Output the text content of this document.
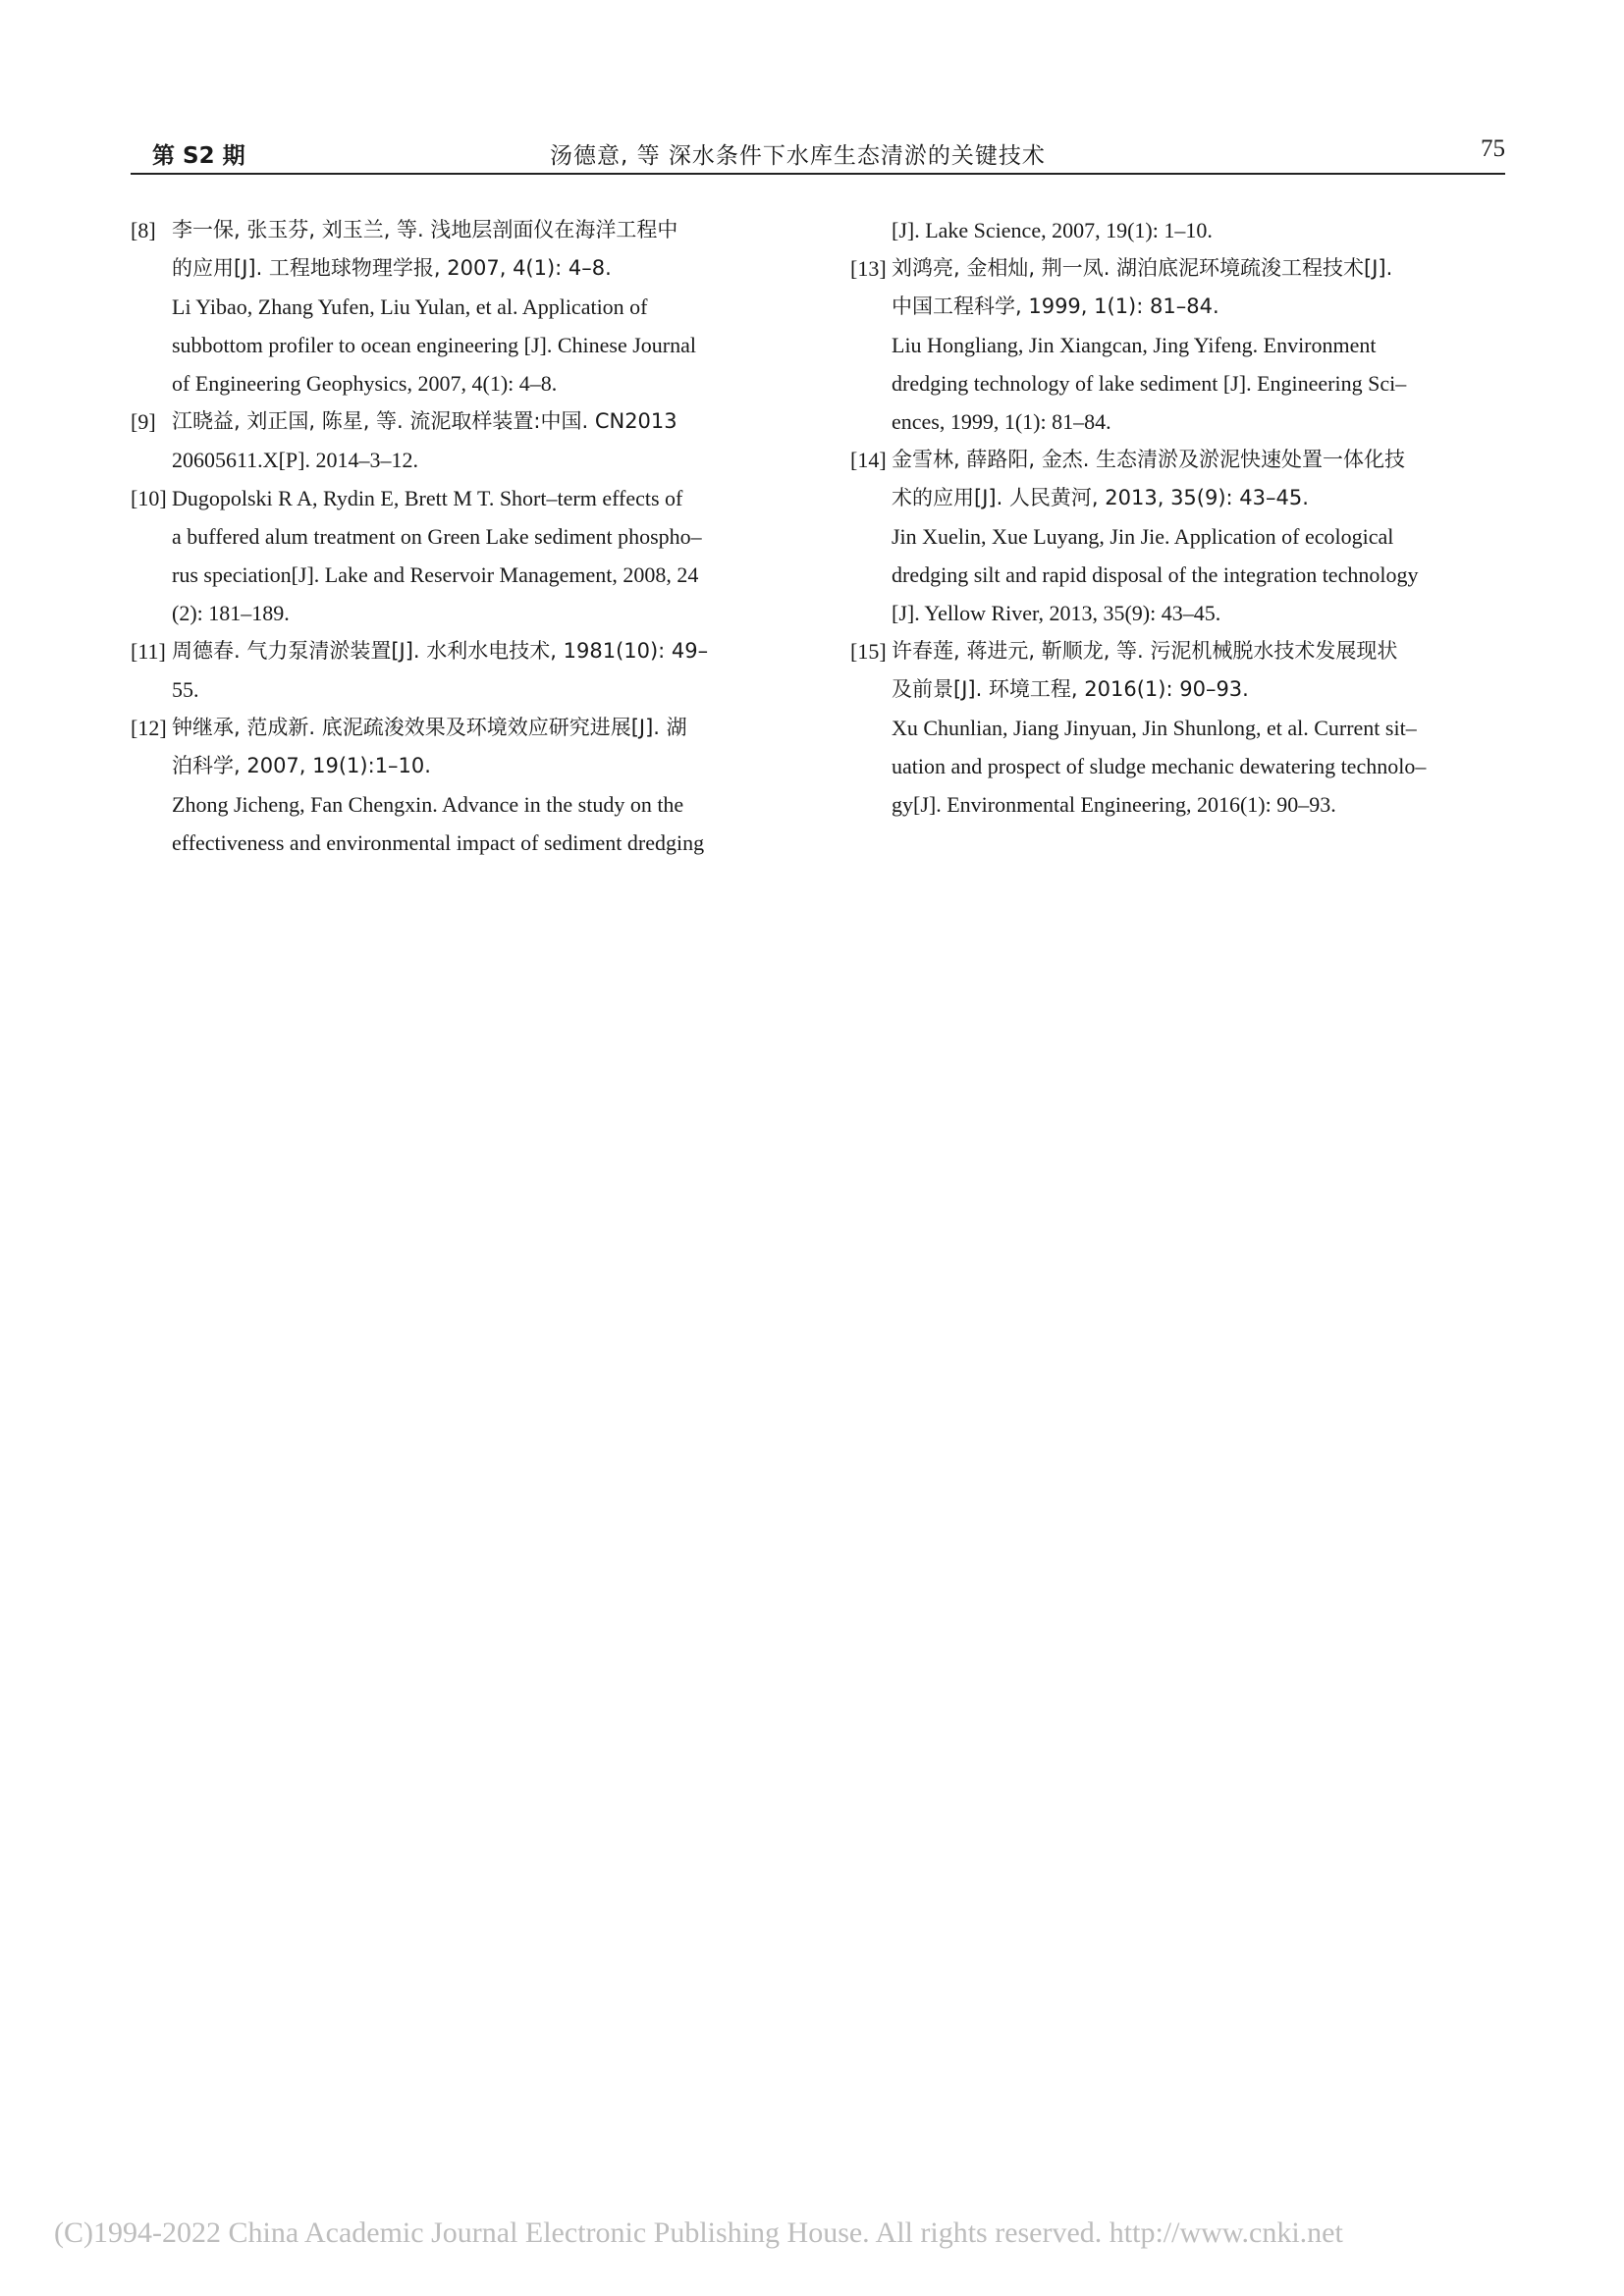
第 S2 期	汤德意, 等 深水条件下水库生态清淤的关键技术	75
[8] 李一保, 张玉芬, 刘玉兰, 等. 浅地层剖面仪在海洋工程中
的应用[J]. 工程地球物理学报, 2007, 4(1): 4–8.
Li Yibao, Zhang Yufen, Liu Yulan, et al. Application of
subbottom profiler to ocean engineering [J]. Chinese Journal
of Engineering Geophysics, 2007, 4(1): 4–8.
[9] 江晓益, 刘正国, 陈星, 等. 流泥取样装置:中国. CN2013
20605611.X[P]. 2014–3–12.
[10] Dugopolski R A, Rydin E, Brett M T. Short–term effects of
a buffered alum treatment on Green Lake sediment phospho–
rus speciation[J]. Lake and Reservoir Management, 2008, 24
(2): 181–189.
[11] 周德春. 气力泵清淤装置[J]. 水利水电技术, 1981(10): 49–
55.
[12] 钟继承, 范成新. 底泥疏浚效果及环境效应研究进展[J]. 湖
泊科学, 2007, 19(1):1–10.
Zhong Jicheng, Fan Chengxin. Advance in the study on the
effectiveness and environmental impact of sediment dredging
[J]. Lake Science, 2007, 19(1): 1–10.
[13] 刘鸿亮, 金相灿, 荆一凤. 湖泊底泥环境疏浚工程技术[J].
中国工程科学, 1999, 1(1): 81–84.
Liu Hongliang, Jin Xiangcan, Jing Yifeng. Environment
dredging technology of lake sediment [J]. Engineering Sci–
ences, 1999, 1(1): 81–84.
[14] 金雪林, 薛路阳, 金杰. 生态清淤及淤泥快速处置一体化技
术的应用[J]. 人民黄河, 2013, 35(9): 43–45.
Jin Xuelin, Xue Luyang, Jin Jie. Application of ecological
dredging silt and rapid disposal of the integration technology
[J]. Yellow River, 2013, 35(9): 43–45.
[15] 许春莲, 蒋进元, 靳顺龙, 等. 污泥机械脱水技术发展现状
及前景[J]. 环境工程, 2016(1): 90–93.
Xu Chunlian, Jiang Jinyuan, Jin Shunlong, et al. Current sit–
uation and prospect of sludge mechanic dewatering technolo–
gy[J]. Environmental Engineering, 2016(1): 90–93.
(C)1994-2022 China Academic Journal Electronic Publishing House. All rights reserved. http://www.cnki.net
